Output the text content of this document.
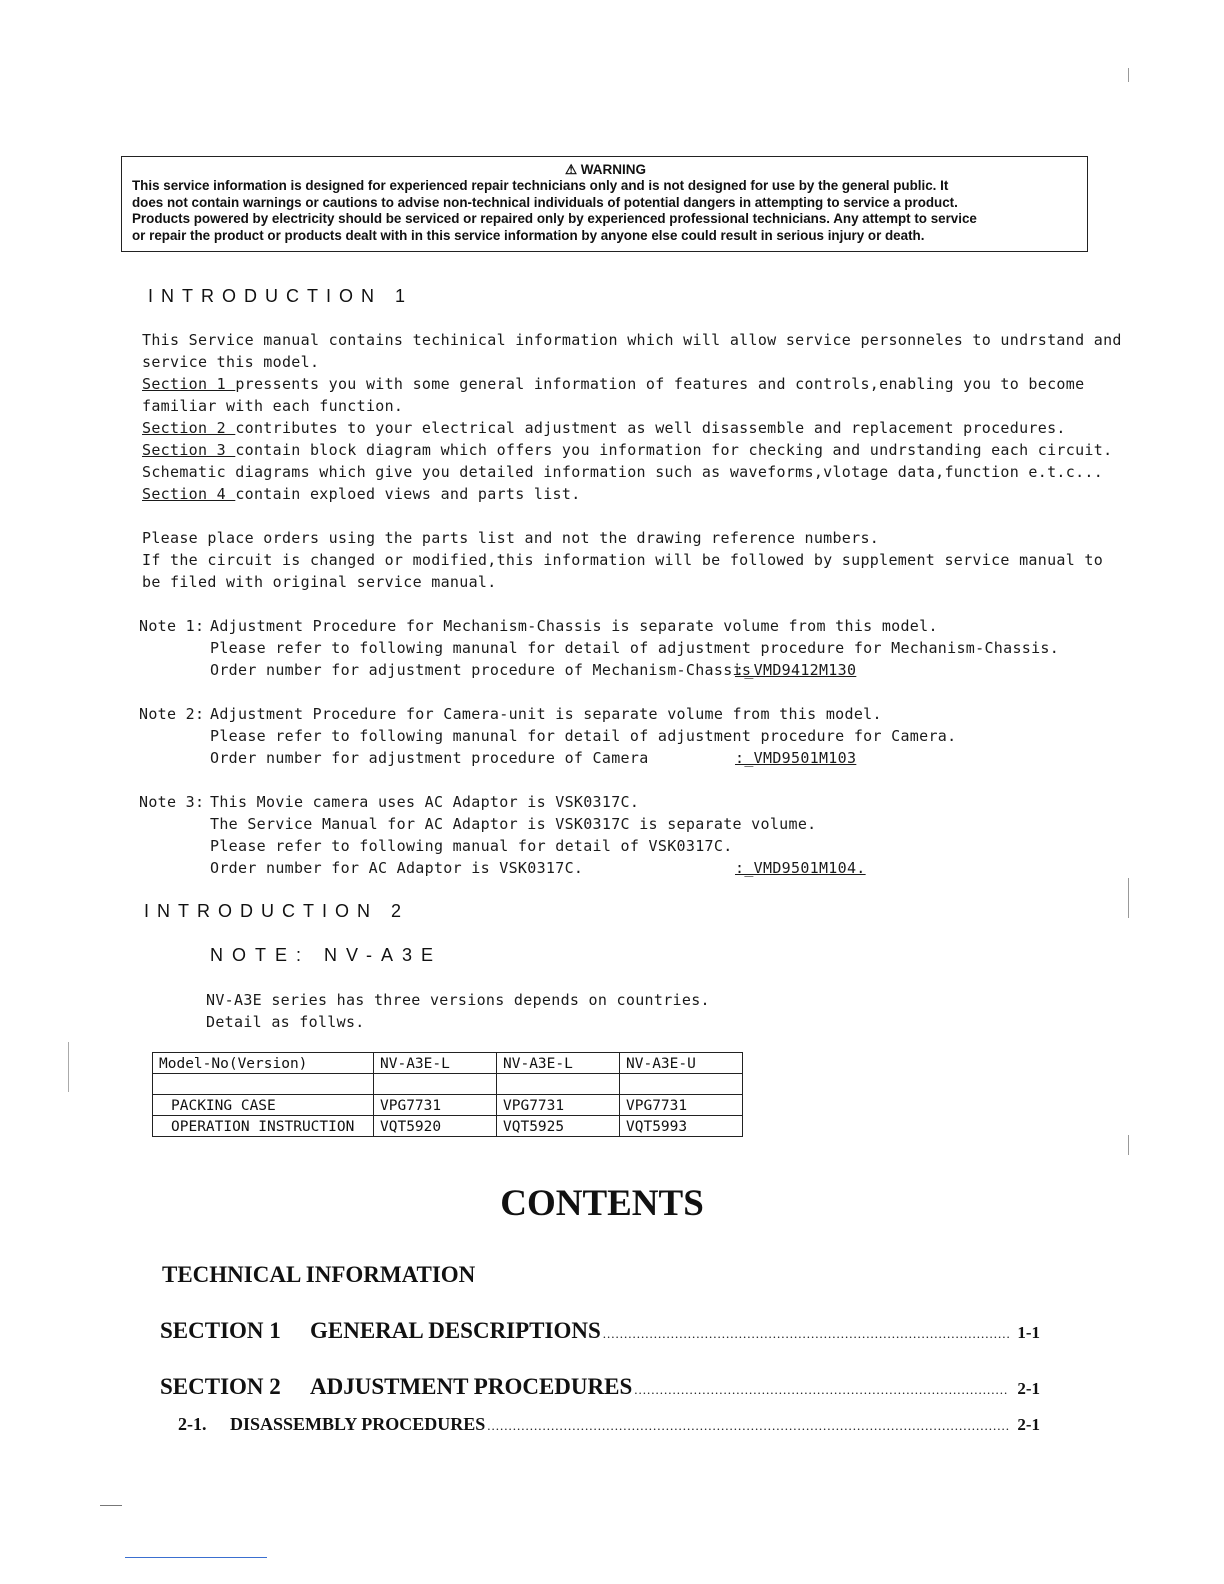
⚠ WARNING
This service information is designed for experienced repair technicians only and is not designed for use by the general public. It
does not contain warnings or cautions to advise non-technical individuals of potential dangers in attempting to service a product.
Products powered by electricity should be serviced or repaired only by experienced professional technicians. Any attempt to service
or repair the product or products dealt with in this service information by anyone else could result in serious injury or death.
INTRODUCTION 1
This Service manual contains techinical information which will allow service personneles to undrstand and
service this model.
Section 1 pressents you with some general information of features and controls,enabling you to become
familiar with each function.
Section 2 contributes to your electrical adjustment as well disassemble and replacement procedures.
Section 3 contain block diagram which offers you information for checking and undrstanding each circuit.
Schematic diagrams which give you detailed information such as waveforms,vlotage data,function e.t.c...
Section 4 contain exploed views and parts list.
Please place orders using the parts list and not the drawing reference numbers.
If the circuit is changed or modified,this information will be followed by supplement service manual to
be filed with original service manual.
Note 1: Adjustment Procedure for Mechanism-Chassis is separate volume from this model.
Please refer to following manunal for detail of adjustment procedure for Mechanism-Chassis.
Order number for adjustment procedure of Mechanism-Chassis
:_VMD9412M130
Note 2: Adjustment Procedure for Camera-unit is separate volume from this model.
Please refer to following manunal for detail of adjustment procedure for Camera.
Order number for adjustment procedure of Camera	:_VMD9501M103
Note 3: This Movie camera uses AC Adaptor is VSK0317C.
The Service Manual for AC Adaptor is VSK0317C is separate volume.
Please refer to following manual for detail of VSK0317C.
Order number for AC Adaptor is VSK0317C.	:_VMD9501M104.
INTRODUCTION 2
NOTE: NV-A3E
NV-A3E series has three versions depends on countries.
Detail as follws.
Model-No(Version)	NV-A3E-L	NV-A3E-L	NV-A3E-U

PACKING CASE	VPG7731	VPG7731	VPG7731
OPERATION INSTRUCTION	VQT5920	VQT5925	VQT5993
CONTENTS
TECHNICAL INFORMATION
SECTION 1	GENERAL DESCRIPTIONS .....	1-1
SECTION 2	ADJUSTMENT PROCEDURES .....	2-1
2-1.	DISASSEMBLY PROCEDURES .....	2-1
